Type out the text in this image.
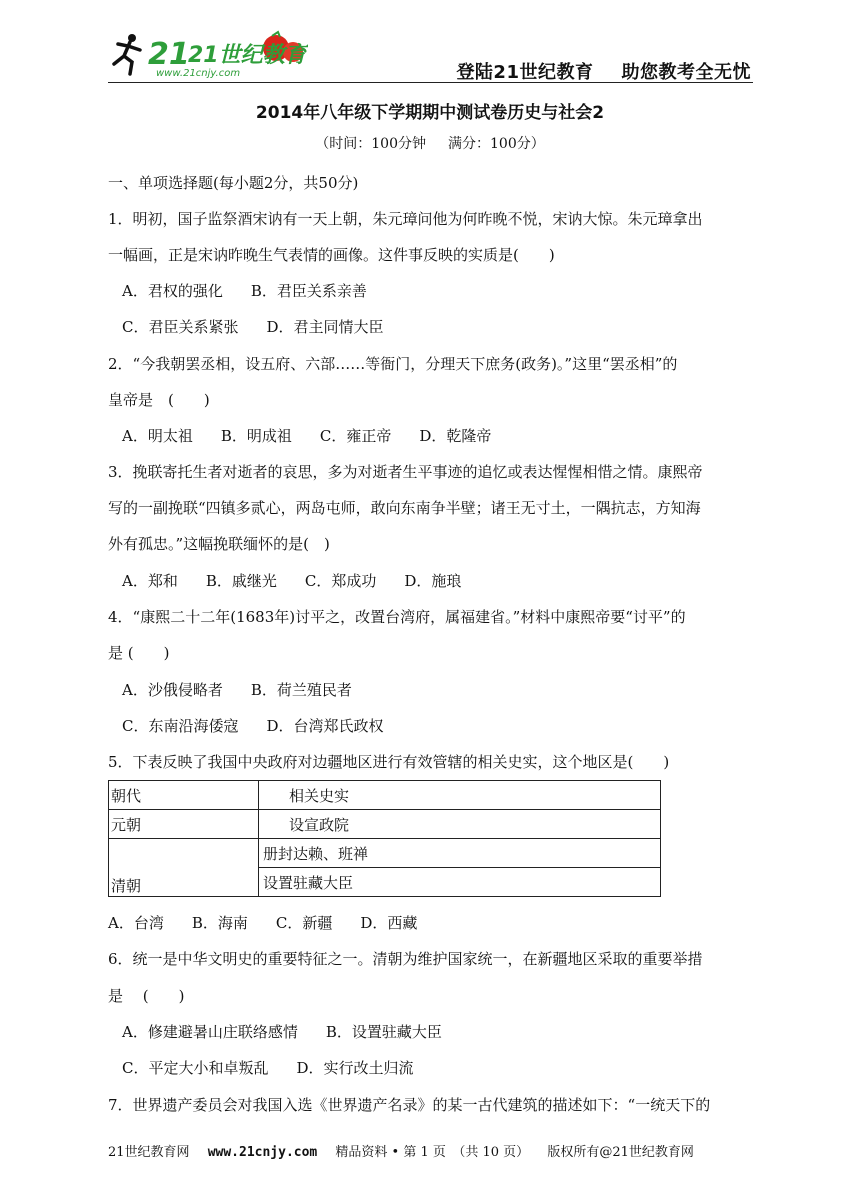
21
21世纪教育
www.21cnjy.com	登陆21世纪教育 助您教考全无忧
2014年八年级下学期期中测试卷历史与社会2
（时间：100分钟 满分：100分）
一、单项选择题(每小题2分，共50分)
1．明初，国子监祭酒宋讷有一天上朝，朱元璋问他为何昨晚不悦，宋讷大惊。朱元璋拿出
一幅画，正是宋讷昨晚生气表情的画像。这件事反映的实质是(　　)
A．君权的强化 B．君臣关系亲善
C．君臣关系紧张 D．君主同情大臣
2．“今我朝罢丞相，设五府、六部……等衙门，分理天下庶务(政务)。”这里“罢丞相”的
皇帝是　(　　)
A．明太祖 B．明成祖 C．雍正帝 D．乾隆帝
3．挽联寄托生者对逝者的哀思，多为对逝者生平事迹的追忆或表达惺惺相惜之情。康熙帝
写的一副挽联“四镇多贰心，两岛屯师，敢向东南争半壁；诸王无寸土，一隅抗志，方知海
外有孤忠。”这幅挽联缅怀的是(　)
A．郑和 B．戚继光 C．郑成功 D．施琅
4．“康熙二十二年(1683年)讨平之，改置台湾府，属福建省。”材料中康熙帝要“讨平”的
是 (　　)
A．沙俄侵略者 B．荷兰殖民者
C．东南沿海倭寇 D．台湾郑氏政权
5．下表反映了我国中央政府对边疆地区进行有效管辖的相关史实，这个地区是(　　)
朝代	相关史实
元朝	设宣政院
清朝	册封达赖、班禅
	设置驻藏大臣
A．台湾 B．海南 C．新疆 D．西藏
6．统一是中华文明史的重要特征之一。清朝为维护国家统一，在新疆地区采取的重要举措
是　 (　　)
A．修建避暑山庄联络感情 B．设置驻藏大臣
C．平定大小和卓叛乱 D．实行改土归流
7．世界遗产委员会对我国入选《世界遗产名录》的某一古代建筑的描述如下：“一统天下的
21世纪教育网 www.21cnjy.com 精品资料 • 第 1 页　（共 10 页） 版权所有@21世纪教育网
